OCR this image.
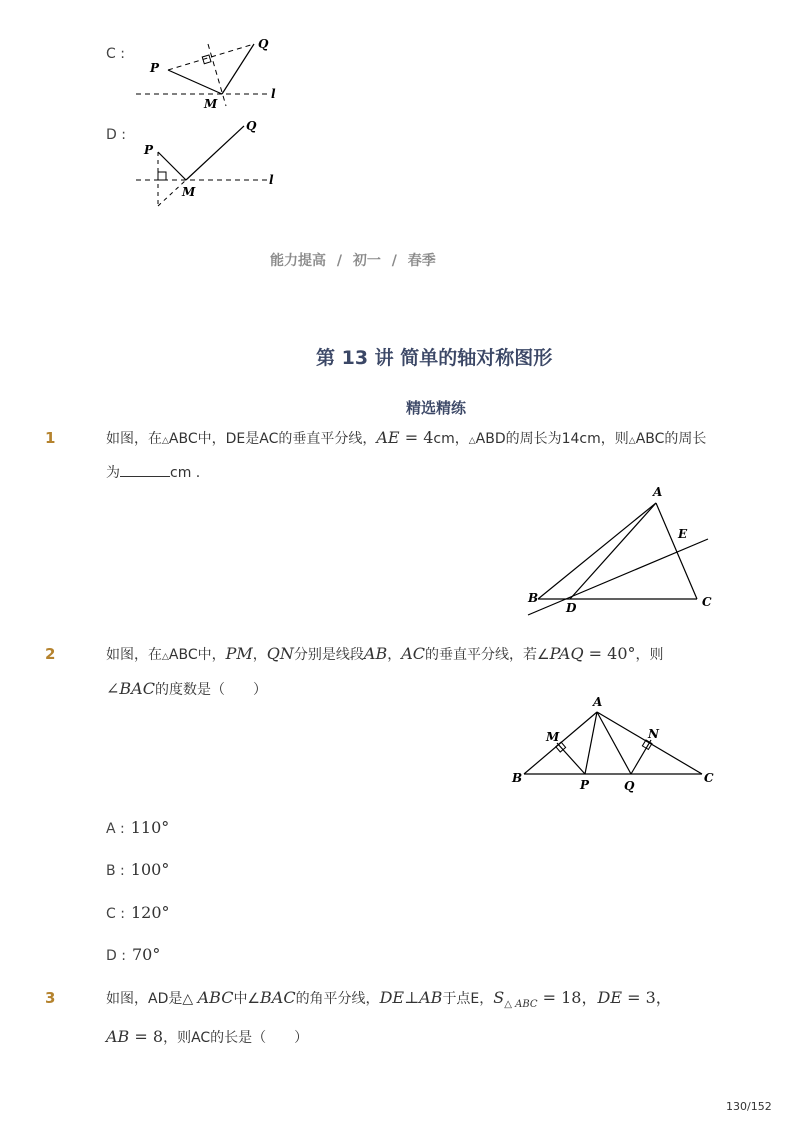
C :
P
Q
M
l
D :
P
Q
M
l
能力提高 / 初一 / 春季
第 13 讲 简单的轴对称图形
精选精练
1	如图，在△ABC中，DE是AC的垂直平分线，AE = 4cm，△ABD的周长为14cm，则△ABC的周长
为	cm .
A
B	C
D
E
2	如图，在△ABC中，PM，QN分别是线段AB，AC的垂直平分线，若∠PAQ = 40°，则
∠BAC的度数是（　　）
A
B	C
M	N
P	Q
A : 110°
B : 100°
C : 120°
D : 70°
3	如图，AD是△ ABC中∠BAC的角平分线，DE⊥AB于点E，$S_{\triangle ABC} = 18$，DE = 3，
AB = 8，则AC的长是（　　）
130/152
